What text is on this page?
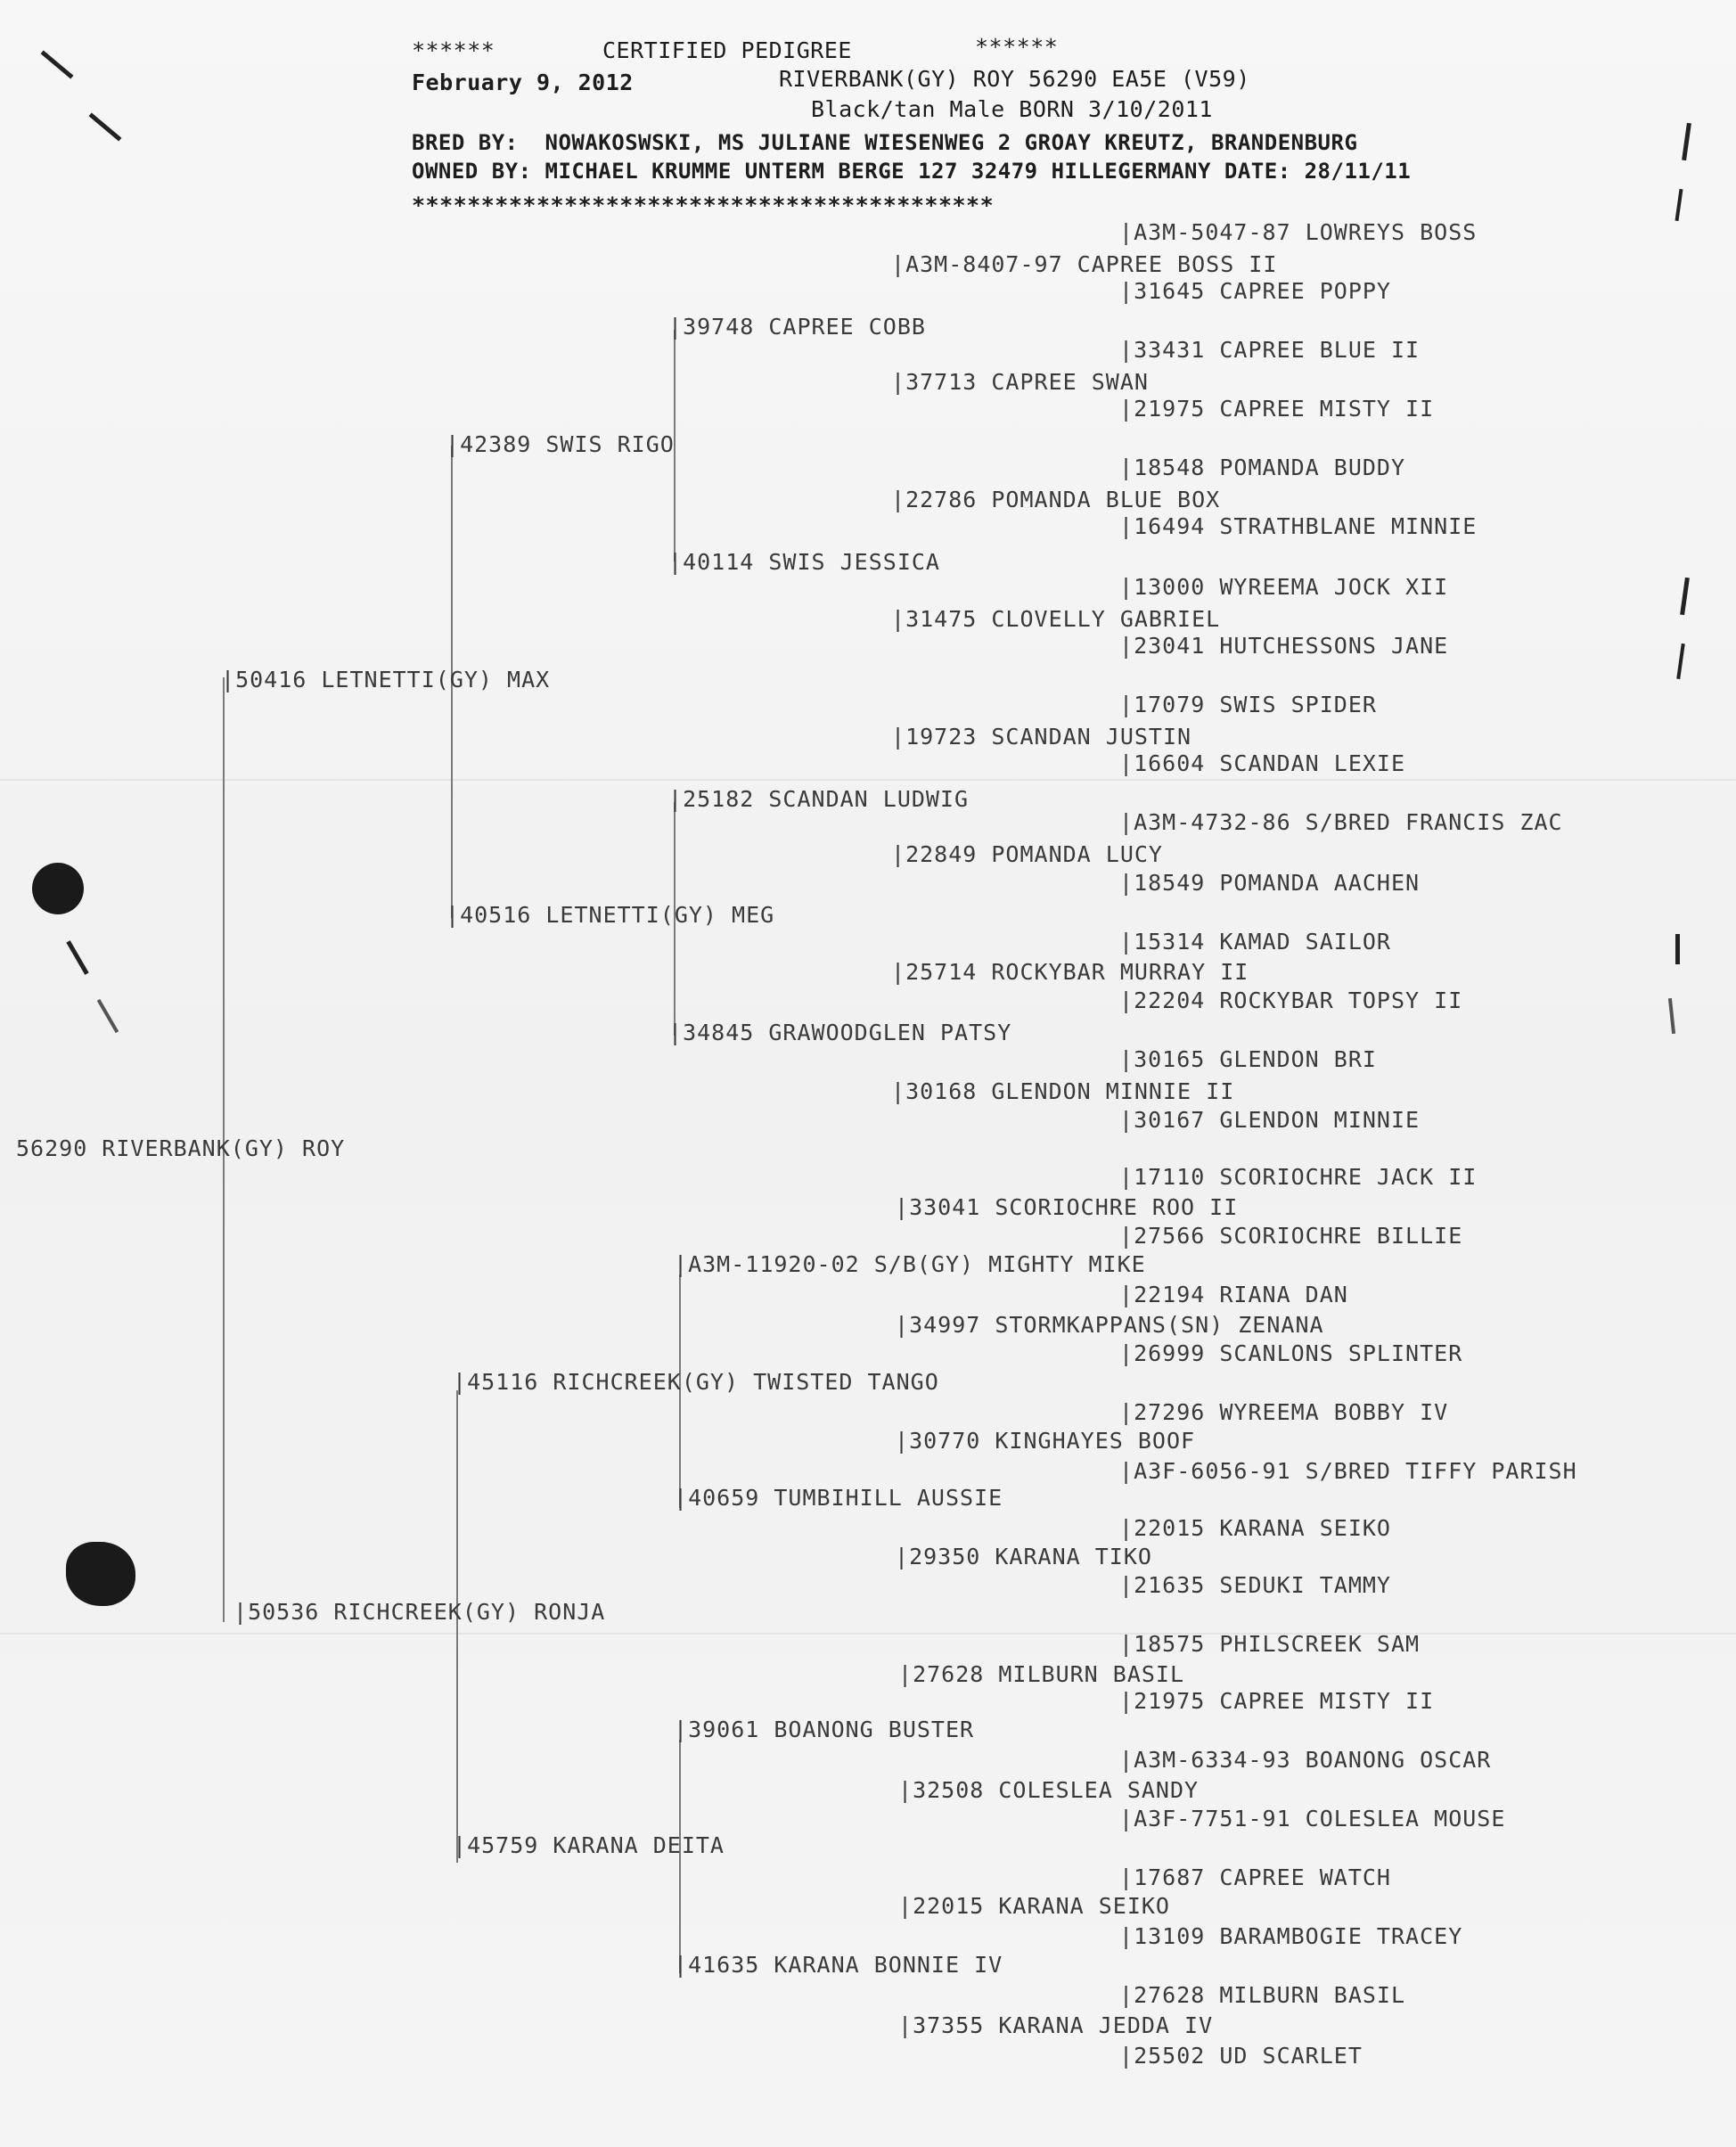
******	CERTIFIED PEDIGREE	******
February 9, 2012	RIVERBANK(GY) ROY 56290 EA5E (V59)
Black/tan Male BORN 3/10/2011
BRED BY:  NOWAKOSWSKI, MS JULIANE WIESENWEG 2 GROAY KREUTZ, BRANDENBURG
OWNED BY: MICHAEL KRUMME UNTERM BERGE 127 32479 HILLEGERMANY DATE: 28/11/11
******************************************
56290 RIVERBANK(GY) ROY
| 50416 LETNETTI(GY) MAX
| 50536 RICHCREEK(GY) RONJA
| 42389 SWIS RIGO
| 40516 LETNETTI(GY) MEG
| 45116 RICHCREEK(GY) TWISTED TANGO
| 45759 KARANA DEITA
| 39748 CAPREE COBB
| 40114 SWIS JESSICA
| 25182 SCANDAN LUDWIG
| 34845 GRAWOODGLEN PATSY
| A3M-11920-02 S/B(GY) MIGHTY MIKE
| 40659 TUMBIHILL AUSSIE
| 39061 BOANONG BUSTER
| 41635 KARANA BONNIE IV
| A3M-8407-97 CAPREE BOSS II
| 37713 CAPREE SWAN
| 22786 POMANDA BLUE BOX
| 31475 CLOVELLY GABRIEL
| 19723 SCANDAN JUSTIN
| 22849 POMANDA LUCY
| 25714 ROCKYBAR MURRAY II
| 30168 GLENDON MINNIE II
| 33041 SCORIOCHRE ROO II
| 34997 STORMKAPPANS(SN) ZENANA
| 30770 KINGHAYES BOOF
| 29350 KARANA TIKO
| 27628 MILBURN BASIL
| 32508 COLESLEA SANDY
| 22015 KARANA SEIKO
| 37355 KARANA JEDDA IV
| A3M-5047-87 LOWREYS BOSS
| 31645 CAPREE POPPY
| 33431 CAPREE BLUE II
| 21975 CAPREE MISTY II
| 18548 POMANDA BUDDY
| 16494 STRATHBLANE MINNIE
| 13000 WYREEMA JOCK XII
| 23041 HUTCHESSONS JANE
| 17079 SWIS SPIDER
| 16604 SCANDAN LEXIE
| A3M-4732-86 S/BRED FRANCIS ZAC
| 18549 POMANDA AACHEN
| 15314 KAMAD SAILOR
| 22204 ROCKYBAR TOPSY II
| 30165 GLENDON BRI
| 30167 GLENDON MINNIE
| 17110 SCORIOCHRE JACK II
| 27566 SCORIOCHRE BILLIE
| 22194 RIANA DAN
| 26999 SCANLONS SPLINTER
| 27296 WYREEMA BOBBY IV
| A3F-6056-91 S/BRED TIFFY PARISH
| 22015 KARANA SEIKO
| 21635 SEDUKI TAMMY
| 18575 PHILSCREEK SAM
| 21975 CAPREE MISTY II
| A3M-6334-93 BOANONG OSCAR
| A3F-7751-91 COLESLEA MOUSE
| 17687 CAPREE WATCH
| 13109 BARAMBOGIE TRACEY
| 27628 MILBURN BASIL
| 25502 UD SCARLET
